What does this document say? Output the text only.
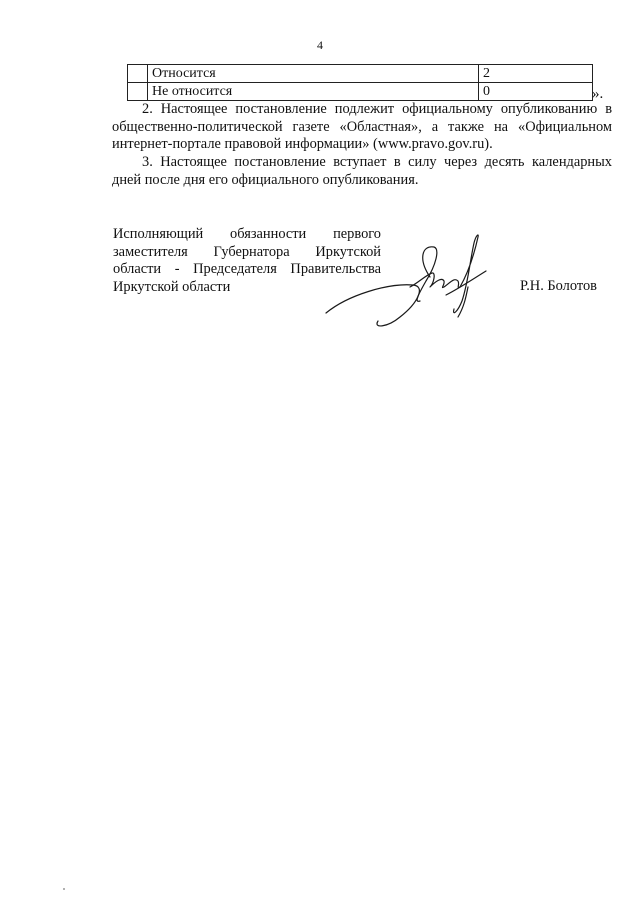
4
	Относится	2
	Не относится	0	».

2. Настоящее постановление подлежит официальному опубликованию в общественно-политической газете «Областная», а также на «Официальном интернет-портале правовой информации» (www.pravo.gov.ru).

3. Настоящее постановление вступает в силу через десять календарных дней после дня его официального опубликования.

Исполняющий обязанности первого заместителя Губернатора Иркутской области - Председателя Правительства Иркутской области	Р.Н. Болотов
